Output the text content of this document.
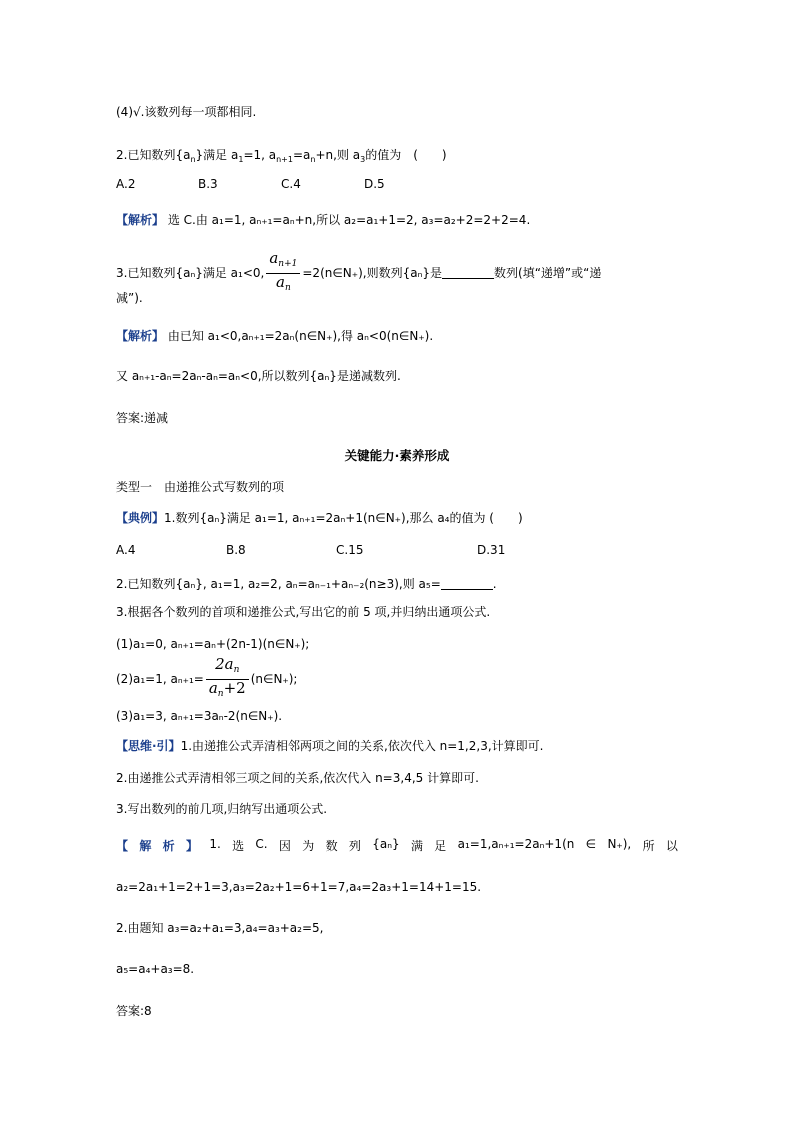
(4)√.该数列每一项都相同.
2.已知数列$\{a_n\}$满足 $a_1=1$, $a_{n+1}=a_n+n$,则 $a_3$的值为　(　　)
A.2	B.3	C.4	D.5
【解析】 选 C.由 a₁=1, aₙ₊₁=aₙ+n,所以 a₂=a₁+1=2, a₃=a₂+2=2+2=4.
3.已知数列{aₙ}满足 a₁<0, $\frac{a_{n+1}}{a_n}$ =2(n∈N₊),则数列{aₙ}是	数列(填“递增”或“递
减”).
【解析】 由已知 a₁<0,aₙ₊₁=2aₙ(n∈N₊),得 aₙ<0(n∈N₊).
又 aₙ₊₁-aₙ=2aₙ-aₙ=aₙ<0,所以数列{aₙ}是递减数列.
答案:递减
关键能力·素养形成
类型一　由递推公式写数列的项
【典例】1.数列{aₙ}满足 a₁=1, aₙ₊₁=2aₙ+1(n∈N₊),那么 a₄的值为 (　　)
A.4	B.8	C.15	D.31
2.已知数列{aₙ}, a₁=1, a₂=2, aₙ=aₙ₋₁+aₙ₋₂(n≥3),则 a₅=	.
3.根据各个数列的首项和递推公式,写出它的前 5 项,并归纳出通项公式.
(1)a₁=0, aₙ₊₁=aₙ+(2n-1)(n∈N₊);
(2)a₁=1, $a_{n+1}= \frac{2a_n}{a_n+2}$ (n∈N₊);
(3)a₁=3, aₙ₊₁=3aₙ-2(n∈N₊).
【思维·引】1.由递推公式弄清相邻两项之间的关系,依次代入 n=1,2,3,计算即可.
2.由递推公式弄清相邻三项之间的关系,依次代入 n=3,4,5 计算即可.
3.写出数列的前几项,归纳写出通项公式.
【 解 析 】 1. 选 C. 因 为 数 列 {aₙ} 满 足 a₁=1,aₙ₊₁=2aₙ+1(n ∈ N₊), 所 以
a₂=2a₁+1=2+1=3,a₃=2a₂+1=6+1=7,a₄=2a₃+1=14+1=15.
2.由题知 a₃=a₂+a₁=3,a₄=a₃+a₂=5,
a₅=a₄+a₃=8.
答案:8
